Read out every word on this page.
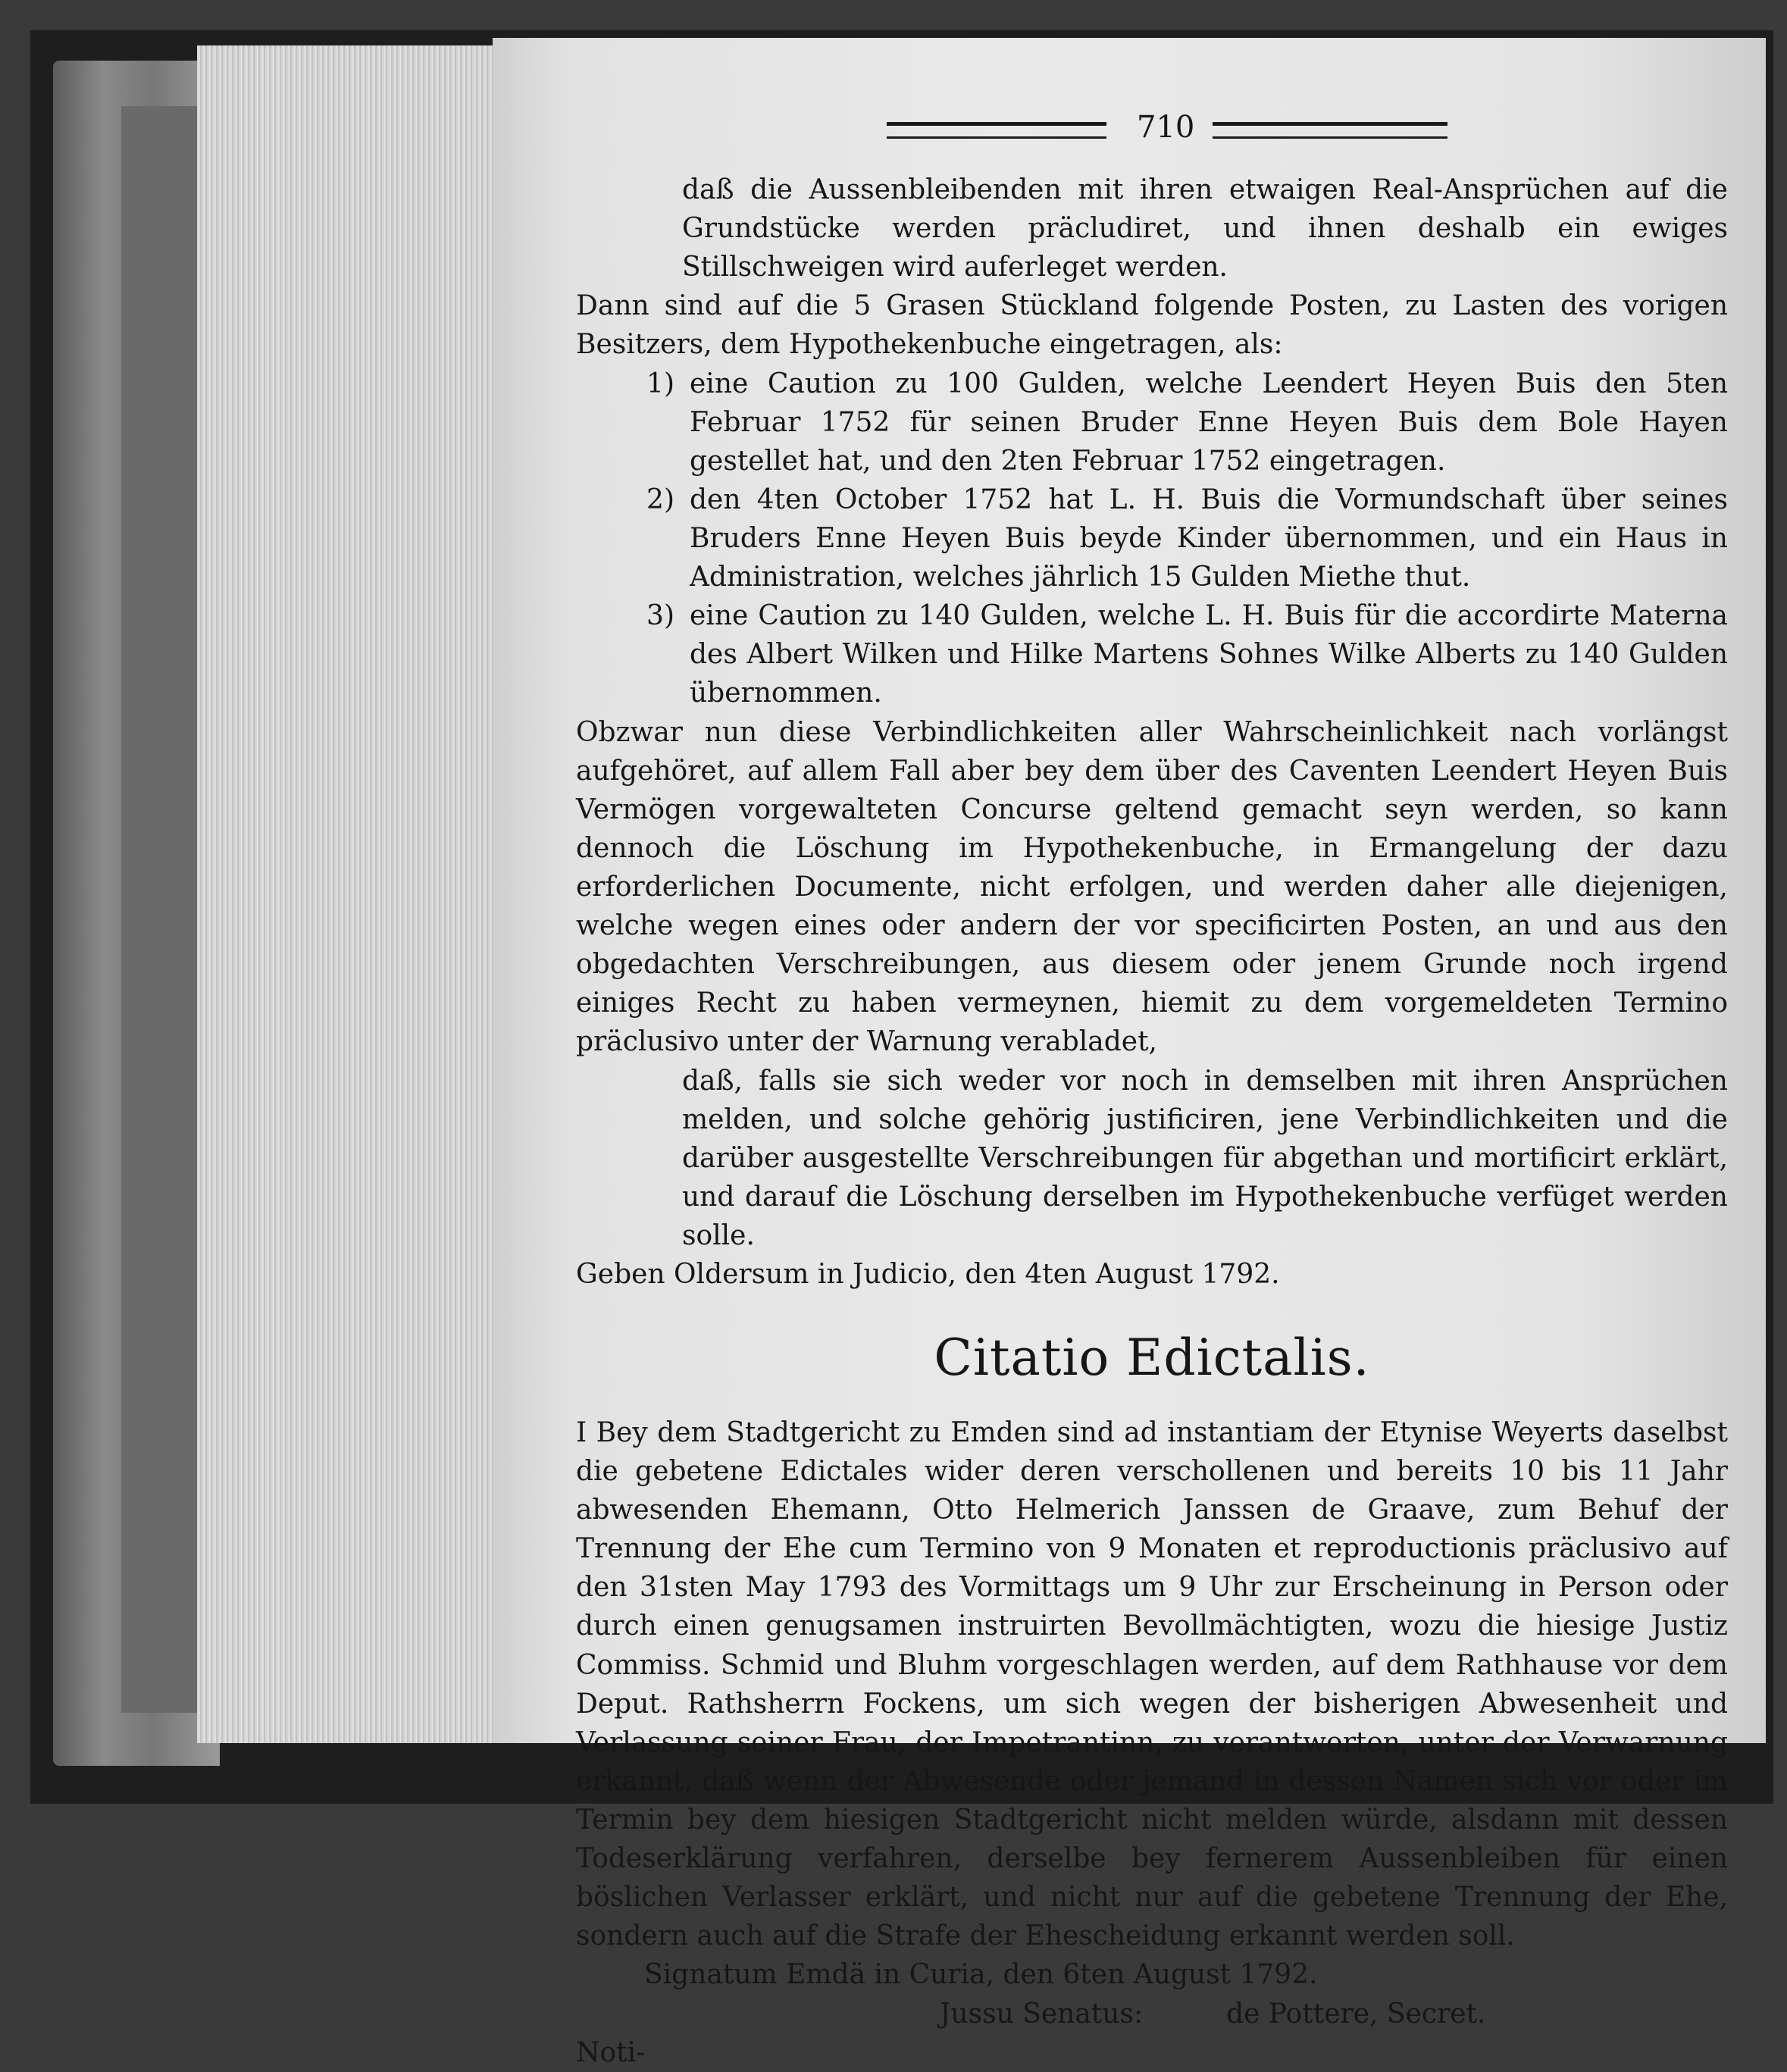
710

daß die Aussenbleibenden mit ihren etwaigen Real-Ansprüchen auf die Grundstücke werden präcludiret, und ihnen deshalb ein ewiges Stillschweigen wird auferleget werden.

Dann sind auf die 5 Grasen Stückland folgende Posten, zu Lasten des vorigen Besitzers, dem Hypothekenbuche eingetragen, als:

1) eine Caution zu 100 Gulden, welche Leendert Heyen Buis den 5ten Februar 1752 für seinen Bruder Enne Heyen Buis dem Bole Hayen gestellet hat, und den 2ten Februar 1752 eingetragen.
2) den 4ten October 1752 hat L. H. Buis die Vormundschaft über seines Bruders Enne Heyen Buis beyde Kinder übernommen, und ein Haus in Administration, welches jährlich 15 Gulden Miethe thut.
3) eine Caution zu 140 Gulden, welche L. H. Buis für die accordirte Materna des Albert Wilken und Hilke Martens Sohnes Wilke Alberts zu 140 Gulden übernommen.

Obzwar nun diese Verbindlichkeiten aller Wahrscheinlichkeit nach vorlängst aufgehöret, auf allem Fall aber bey dem über des Caventen Leendert Heyen Buis Vermögen vorgewalteten Concurse geltend gemacht seyn werden, so kann dennoch die Löschung im Hypothekenbuche, in Ermangelung der dazu erforderlichen Documente, nicht erfolgen, und werden daher alle diejenigen, welche wegen eines oder andern der vor specificirten Posten, an und aus den obgedachten Verschreibungen, aus diesem oder jenem Grunde noch irgend einiges Recht zu haben vermeynen, hiemit zu dem vorgemeldeten Termino präclusivo unter der Warnung verabladet,

daß, falls sie sich weder vor noch in demselben mit ihren Ansprüchen melden, und solche gehörig justificiren, jene Verbindlichkeiten und die darüber ausgestellte Verschreibungen für abgethan und mortificirt erklärt, und darauf die Löschung derselben im Hypothekenbuche verfüget werden solle.

Geben Oldersum in Judicio, den 4ten August 1792.

Citatio Edictalis.

I Bey dem Stadtgericht zu Emden sind ad instantiam der Etynise Weyerts daselbst die gebetene Edictales wider deren verschollenen und bereits 10 bis 11 Jahr abwesenden Ehemann, Otto Helmerich Janssen de Graave, zum Behuf der Trennung der Ehe cum Termino von 9 Monaten et reproductionis präclusivo auf den 31sten May 1793 des Vormittags um 9 Uhr zur Erscheinung in Person oder durch einen genugsamen instruirten Bevollmächtigten, wozu die hiesige Justiz Commiss. Schmid und Bluhm vorgeschlagen werden, auf dem Rathhause vor dem Deput. Rathsherrn Fockens, um sich wegen der bisherigen Abwesenheit und Verlassung seiner Frau, der Impetrantinn, zu verantworten, unter der Verwarnung erkannt, daß wenn der Abwesende oder jemand in dessen Namen sich vor oder im Termin bey dem hiesigen Stadtgericht nicht melden würde, alsdann mit dessen Todeserklärung verfahren, derselbe bey fernerem Aussenbleiben für einen böslichen Verlasser erklärt, und nicht nur auf die gebetene Trennung der Ehe, sondern auch auf die Strafe der Ehescheidung erkannt werden soll.

Signatum Emdä in Curia, den 6ten August 1792.

Jussu Senatus:	de Pottere, Secret.

Noti-
